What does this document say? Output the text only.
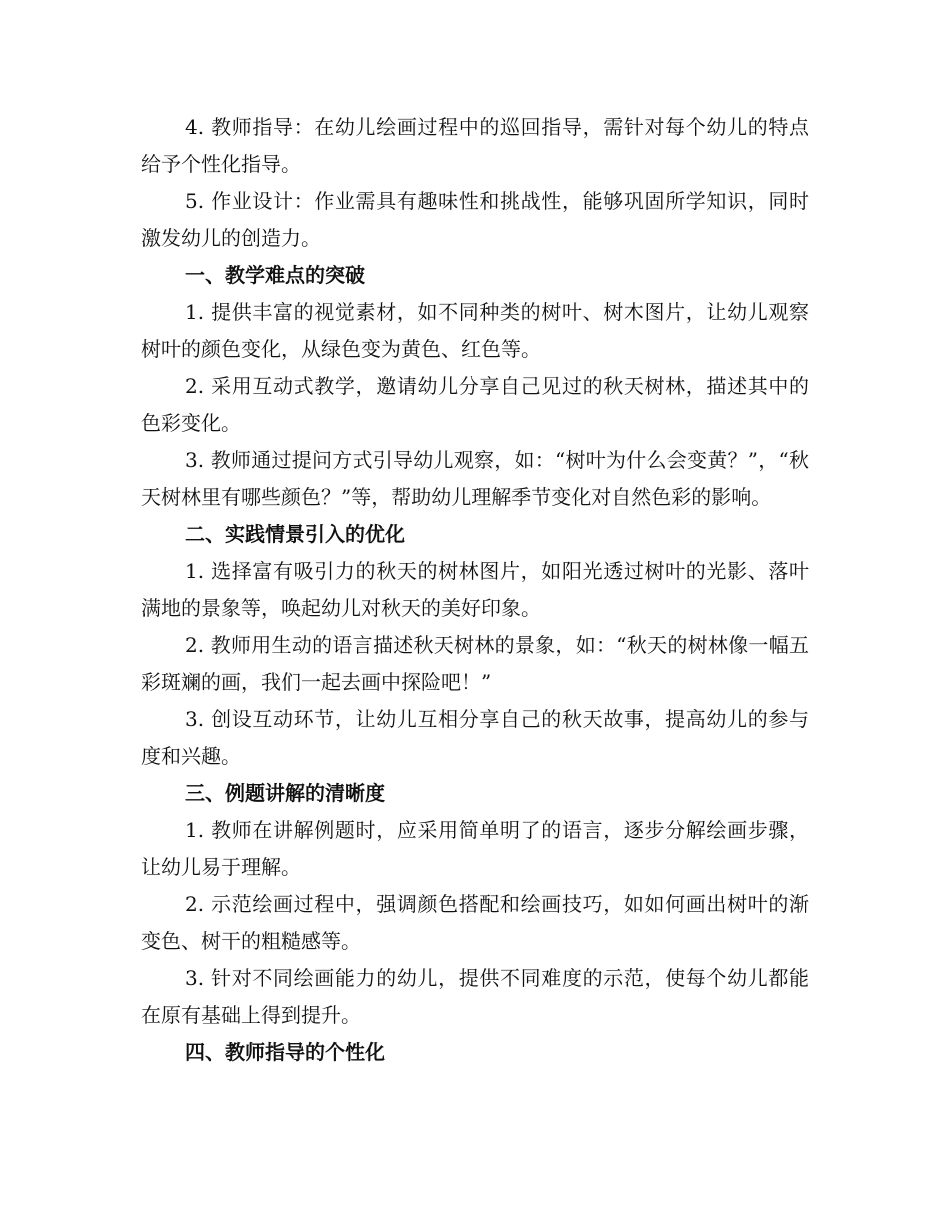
4. 教师指导：在幼儿绘画过程中的巡回指导，需针对每个幼儿的特点给予个性化指导。

5. 作业设计：作业需具有趣味性和挑战性，能够巩固所学知识，同时激发幼儿的创造力。

一、教学难点的突破

1. 提供丰富的视觉素材，如不同种类的树叶、树木图片，让幼儿观察树叶的颜色变化，从绿色变为黄色、红色等。

2. 采用互动式教学，邀请幼儿分享自己见过的秋天树林，描述其中的色彩变化。

3. 教师通过提问方式引导幼儿观察，如：“树叶为什么会变黄？”，“秋天树林里有哪些颜色？”等，帮助幼儿理解季节变化对自然色彩的影响。

二、实践情景引入的优化

1. 选择富有吸引力的秋天的树林图片，如阳光透过树叶的光影、落叶满地的景象等，唤起幼儿对秋天的美好印象。

2. 教师用生动的语言描述秋天树林的景象，如：“秋天的树林像一幅五彩斑斓的画，我们一起去画中探险吧！”

3. 创设互动环节，让幼儿互相分享自己的秋天故事，提高幼儿的参与度和兴趣。

三、例题讲解的清晰度

1. 教师在讲解例题时，应采用简单明了的语言，逐步分解绘画步骤，让幼儿易于理解。

2. 示范绘画过程中，强调颜色搭配和绘画技巧，如如何画出树叶的渐变色、树干的粗糙感等。

3. 针对不同绘画能力的幼儿，提供不同难度的示范，使每个幼儿都能在原有基础上得到提升。

四、教师指导的个性化
